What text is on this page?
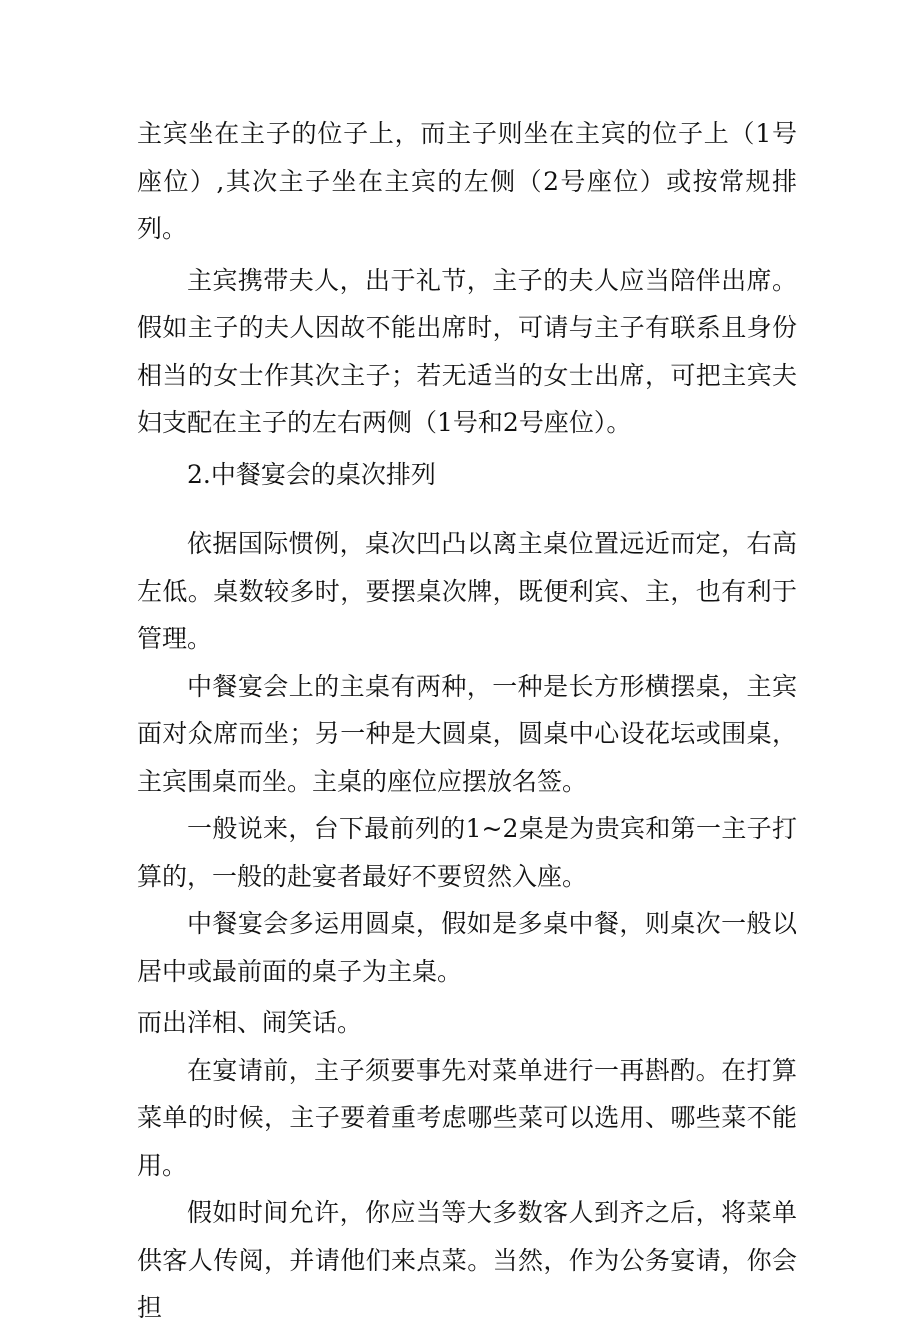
主宾坐在主子的位子上，而主子则坐在主宾的位子上（1号座位）,其次主子坐在主宾的左侧（2号座位）或按常规排列。

主宾携带夫人，出于礼节，主子的夫人应当陪伴出席。假如主子的夫人因故不能出席时，可请与主子有联系且身份相当的女士作其次主子；若无适当的女士出席，可把主宾夫妇支配在主子的左右两侧（1号和2号座位）。

2.中餐宴会的桌次排列

依据国际惯例，桌次凹凸以离主桌位置远近而定，右高左低。桌数较多时，要摆桌次牌，既便利宾、主，也有利于管理。

中餐宴会上的主桌有两种，一种是长方形横摆桌，主宾面对众席而坐；另一种是大圆桌，圆桌中心设花坛或围桌，主宾围桌而坐。主桌的座位应摆放名签。

一般说来，台下最前列的1~2桌是为贵宾和第一主子打算的，一般的赴宴者最好不要贸然入座。

中餐宴会多运用圆桌，假如是多桌中餐，则桌次一般以居中或最前面的桌子为主桌。

而出洋相、闹笑话。

在宴请前，主子须要事先对菜单进行一再斟酌。在打算菜单的时候，主子要着重考虑哪些菜可以选用、哪些菜不能用。

假如时间允许，你应当等大多数客人到齐之后，将菜单供客人传阅，并请他们来点菜。当然，作为公务宴请，你会担
